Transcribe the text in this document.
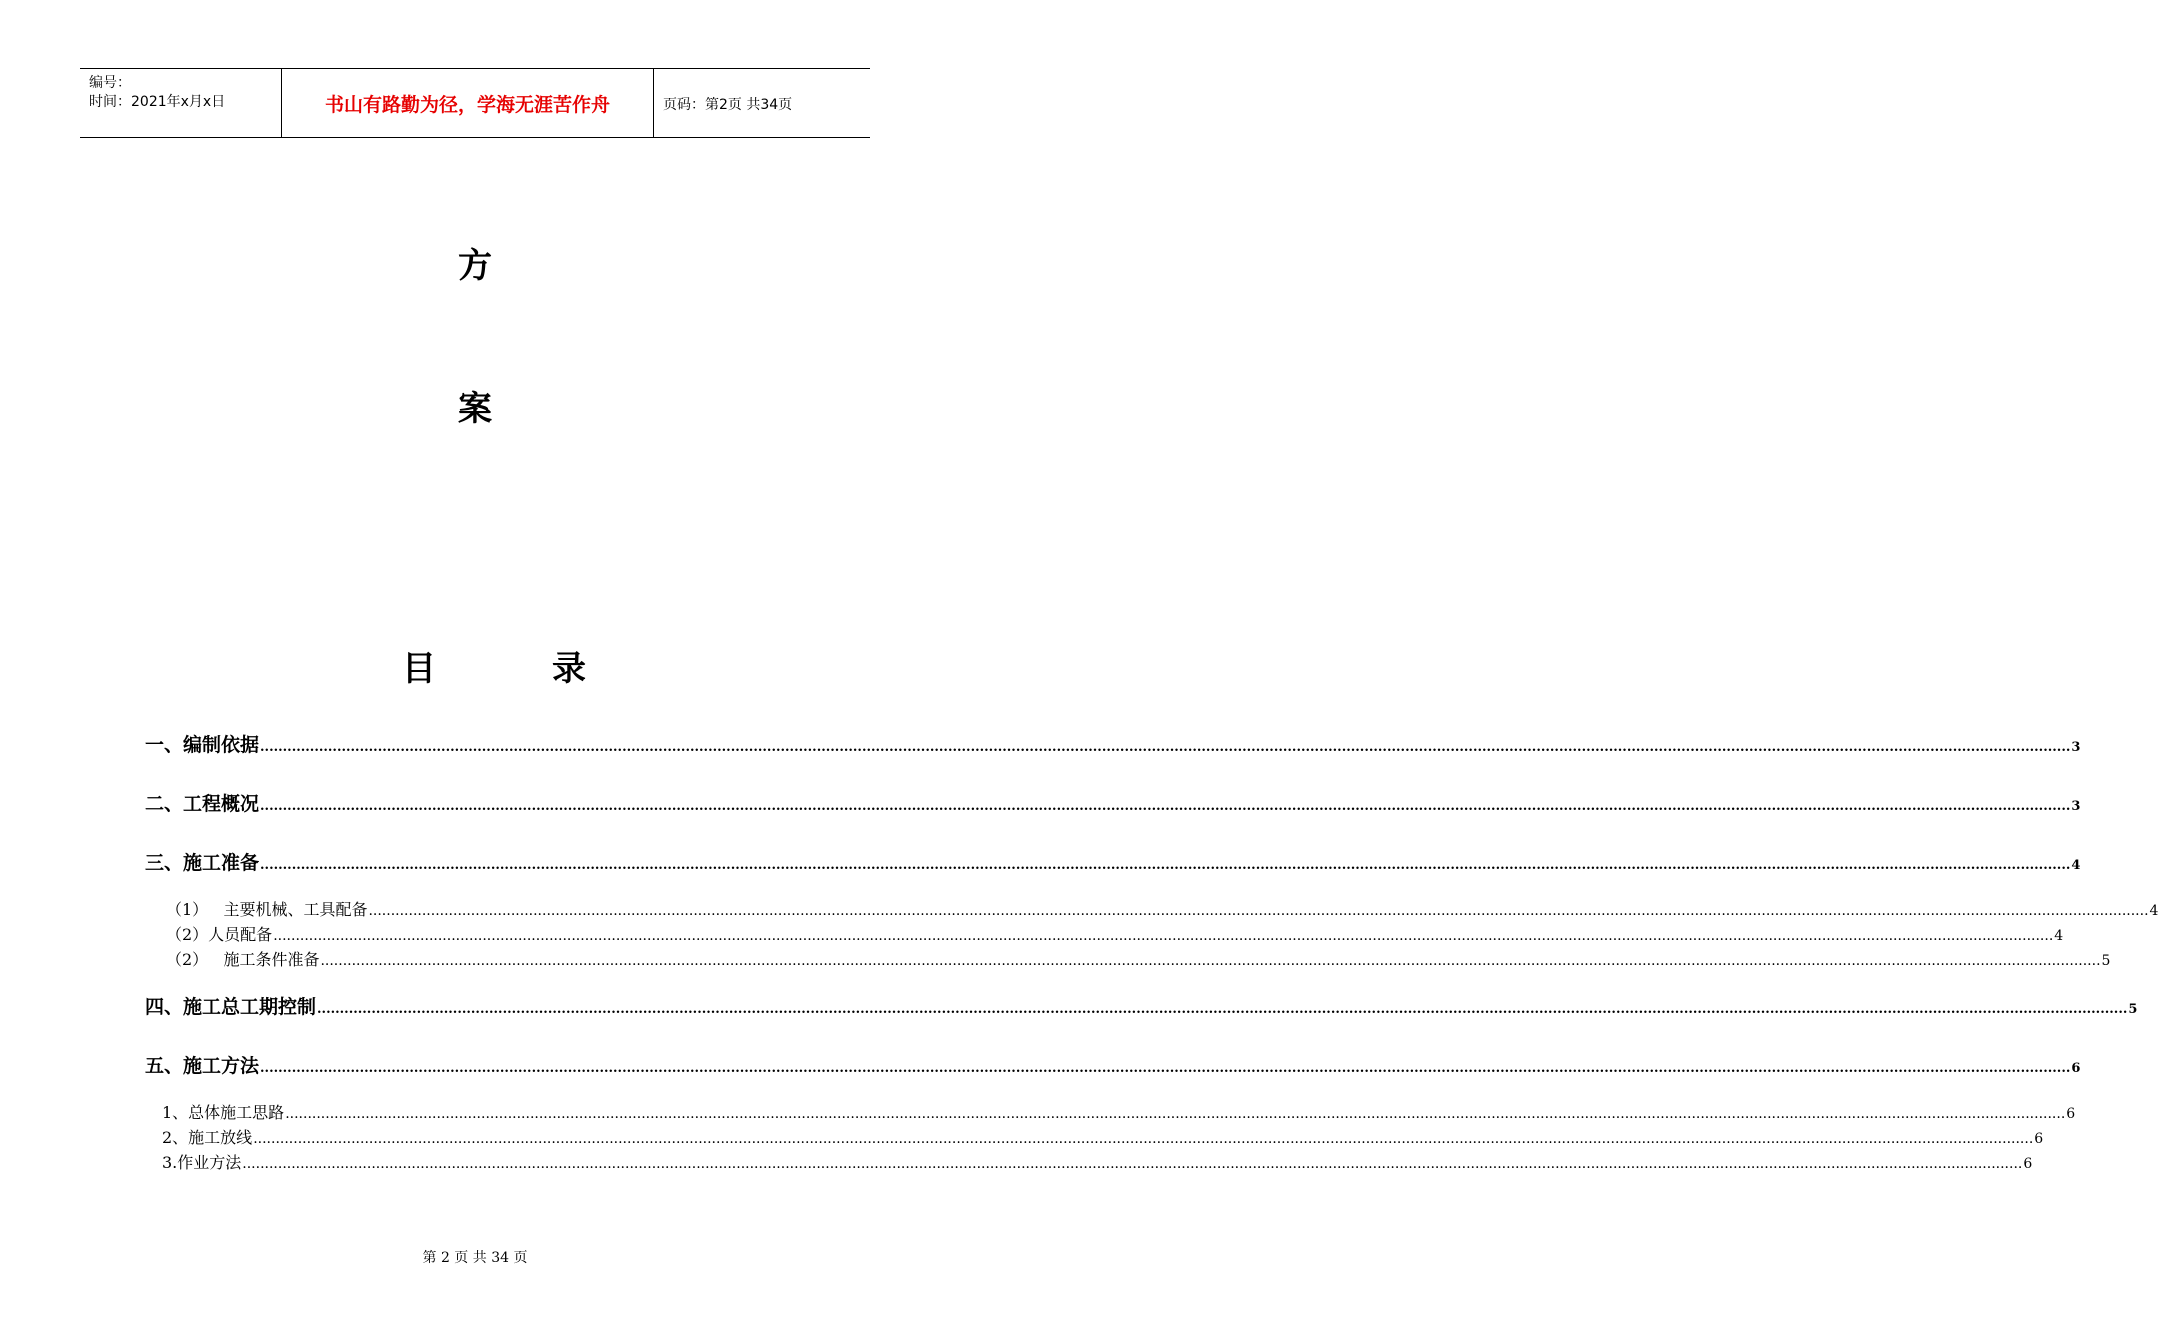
编号：
时间：2021年x月x日	书山有路勤为径，学海无涯苦作舟	页码：第2页 共34页
方
案
目	录
一、编制依据 ................................................................................................................................................................................................................................................................................................................................................................................................................ 3
二、工程概况 ................................................................................................................................................................................................................................................................................................................................................................................................................ 3
三、施工准备 ................................................................................................................................................................................................................................................................................................................................................................................................................ 4
（1）   主要机械、工具配备 ................................................................................................................................................................................................................................................................................................................................................................................................................ 4
（2）人员配备 ................................................................................................................................................................................................................................................................................................................................................................................................................ 4
（2）   施工条件准备 ................................................................................................................................................................................................................................................................................................................................................................................................................ 5
四、施工总工期控制 ................................................................................................................................................................................................................................................................................................................................................................................................................ 5
五、施工方法 ................................................................................................................................................................................................................................................................................................................................................................................................................ 6
1、总体施工思路 ................................................................................................................................................................................................................................................................................................................................................................................................................ 6
2、施工放线 ................................................................................................................................................................................................................................................................................................................................................................................................................ 6
3.作业方法 ................................................................................................................................................................................................................................................................................................................................................................................................................ 6
第 2 页 共 34 页
